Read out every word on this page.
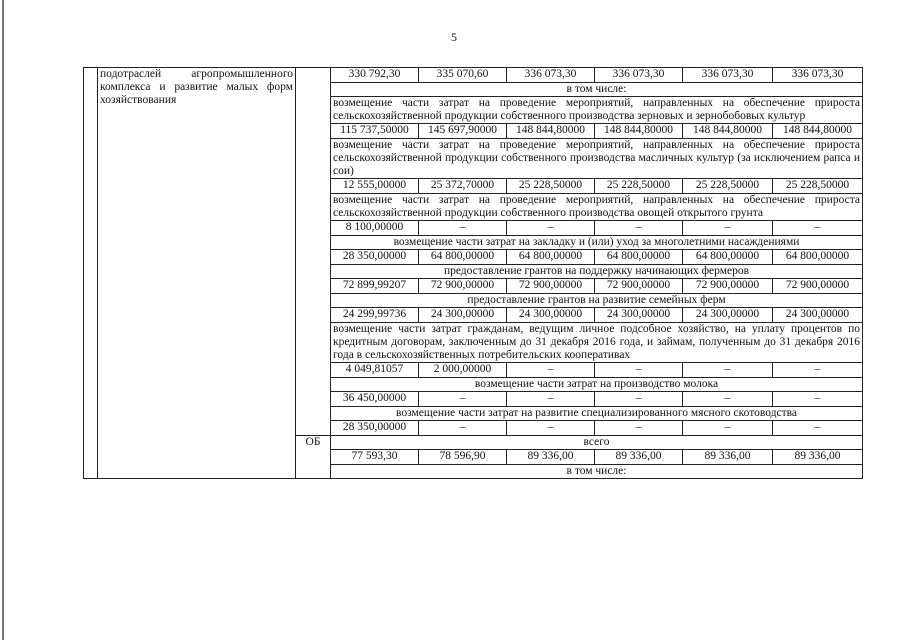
5
	подотраслей агропромышленного комплекса и развитие малых форм хозяйствования		330 792,30	335 070,60	336 073,30	336 073,30	336 073,30	336 073,30
			в том числе:					
			возмещение части затрат на проведение мероприятий, направленных на обеспечение прироста сельскохозяйственной продукции собственного производства зерновых и зернобобовых культур					
			115 737,50000	145 697,90000	148 844,80000	148 844,80000	148 844,80000	148 844,80000
			возмещение части затрат на проведение мероприятий, направленных на обеспечение прироста сельскохозяйственной продукции собственного производства масличных культур (за исключением рапса и сои)					
			12 555,00000	25 372,70000	25 228,50000	25 228,50000	25 228,50000	25 228,50000
			возмещение части затрат на проведение мероприятий, направленных на обеспечение прироста сельскохозяйственной продукции собственного производства овощей открытого грунта					
			8 100,00000	–	–	–	–	–
			возмещение части затрат на закладку и (или) уход за многолетними насаждениями					
			28 350,00000	64 800,00000	64 800,00000	64 800,00000	64 800,00000	64 800,00000
			предоставление грантов на поддержку начинающих фермеров					
			72 899,99207	72 900,00000	72 900,00000	72 900,00000	72 900,00000	72 900,00000
			предоставление грантов на развитие семейных ферм					
			24 299,99736	24 300,00000	24 300,00000	24 300,00000	24 300,00000	24 300,00000
			возмещение части затрат гражданам, ведущим личное подсобное хозяйство, на уплату процентов по кредитным договорам, заключенным до 31 декабря 2016 года, и займам, полученным до 31 декабря 2016 года в сельскохозяйственных потребительских кооперативах					
			4 049,81057	2 000,00000	–	–	–	–
			возмещение части затрат на производство молока					
			36 450,00000	–	–	–	–	–
			возмещение части затрат на развитие специализированного мясного скотоводства					
			28 350,00000	–	–	–	–	–
		ОБ	всего					
			77 593,30	78 596,90	89 336,00	89 336,00	89 336,00	89 336,00
			в том числе:					
